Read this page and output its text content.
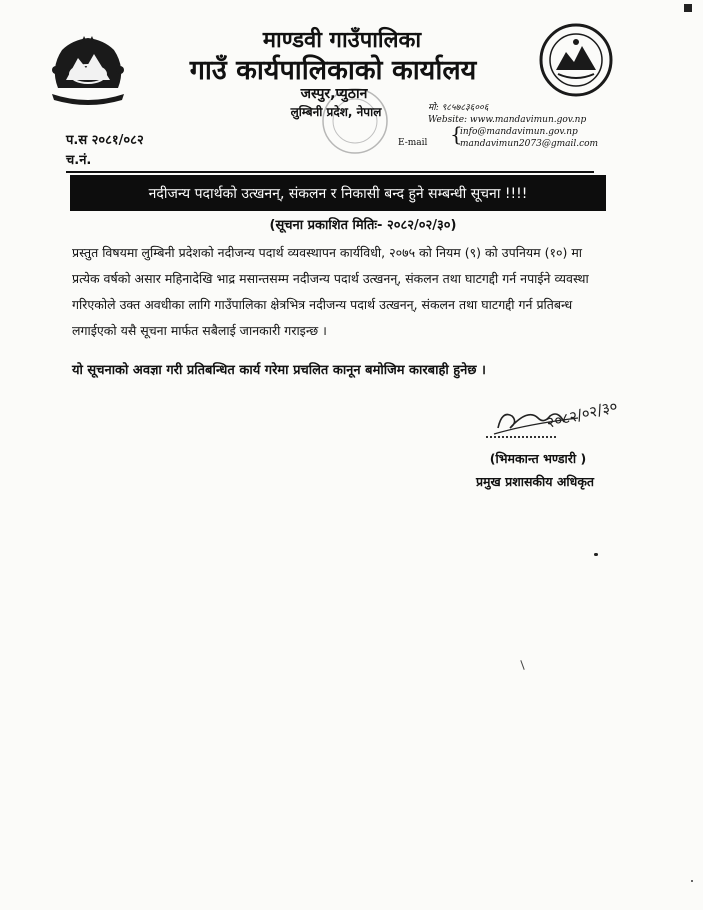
माण्डवी गाउँपालिका
गाउँ कार्यपालिकाको कार्यालय
जस्पुर,प्युठान
लुम्बिनी प्रदेश, नेपाल	मो: ९८५७८३६००६
Website: www.mandavimun.gov.np
E-mail {
info@mandavimun.gov.np
mandavimun2073@gmail.com
प.स २०८१/०८२
च.नं.
नदीजन्य पदार्थको उत्खनन्, संकलन र निकासी बन्द हुने सम्बन्धी सूचना !!!!
(सूचना प्रकाशित मितिः- २०८२/०२/३०)

प्रस्तुत विषयमा लुम्बिनी प्रदेशको नदीजन्य पदार्थ व्यवस्थापन कार्यविधी, २०७५ को नियम (९) को उपनियम (१०) मा प्रत्येक वर्षको असार महिनादेखि भाद्र मसान्तसम्म नदीजन्य पदार्थ उत्खनन्, संकलन तथा घाटगद्दी गर्न नपाईने व्यवस्था गरिएकोले उक्त अवधीका लागि गाउँपालिका क्षेत्रभित्र नदीजन्य पदार्थ उत्खनन्, संकलन तथा घाटगद्दी गर्न प्रतिबन्ध लगाईएको यसै सूचना मार्फत सबैलाई जानकारी गराइन्छ ।

यो सूचनाको अवज्ञा गरी प्रतिबन्धित कार्य गरेमा प्रचलित कानून बमोजिम कारबाही हुनेछ ।
२०८२/०२/३०
(भिमकान्त भण्डारी )
प्रमुख प्रशासकीय अधिकृत
